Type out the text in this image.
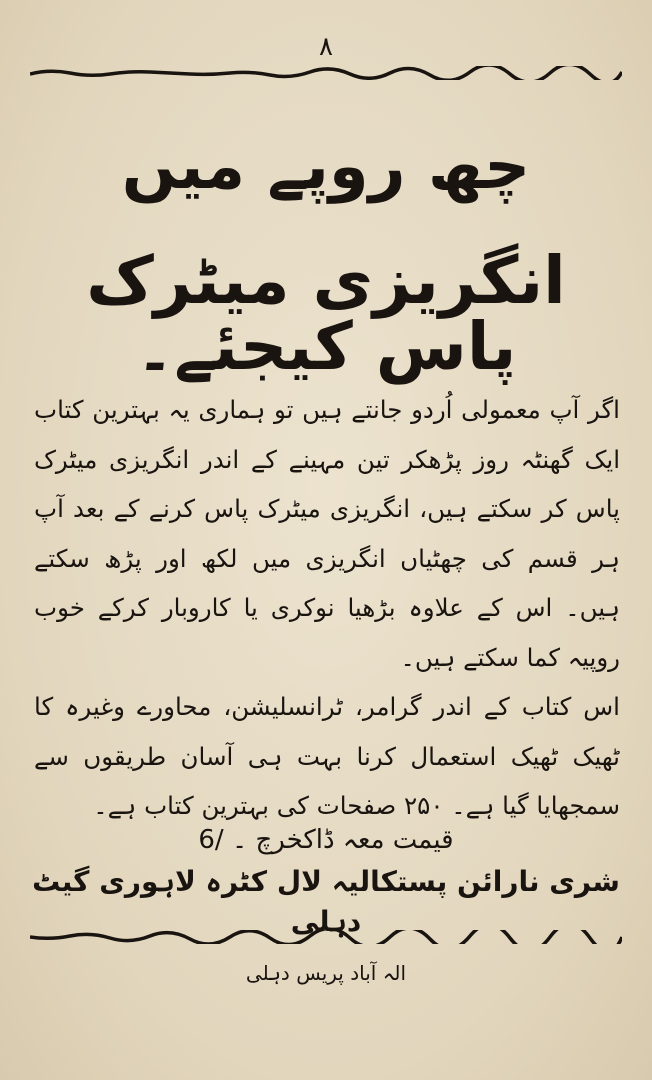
۸
چھ روپے میں
انگریزی میٹرک پاس کیجئے۔

اگر آپ معمولی اُردو جانتے ہیں تو ہماری یہ بہترین کتاب ایک گھنٹہ روز پڑھکر تین مہینے کے اندر انگریزی میٹرک پاس کر سکتے ہیں، انگریزی میٹرک پاس کرنے کے بعد آپ ہر قسم کی چھٹیاں انگریزی میں لکھ اور پڑھ سکتے ہیں۔ اس کے علاوہ بڑھیا نوکری یا کاروبار کرکے خوب روپیہ کما سکتے ہیں۔

اس کتاب کے اندر گرامر، ٹرانسلیشن، محاورے وغیرہ کا ٹھیک ٹھیک استعمال کرنا بہت ہی آسان طریقوں سے سمجھایا گیا ہے۔ ۲۵۰ صفحات کی بہترین کتاب ہے۔

قیمت معہ ڈاکخرچ ۔ /6
شری نارائن پستکالیہ لال کٹرہ لاہوری گیٹ دہلی
الہ آباد پریس دہلی
